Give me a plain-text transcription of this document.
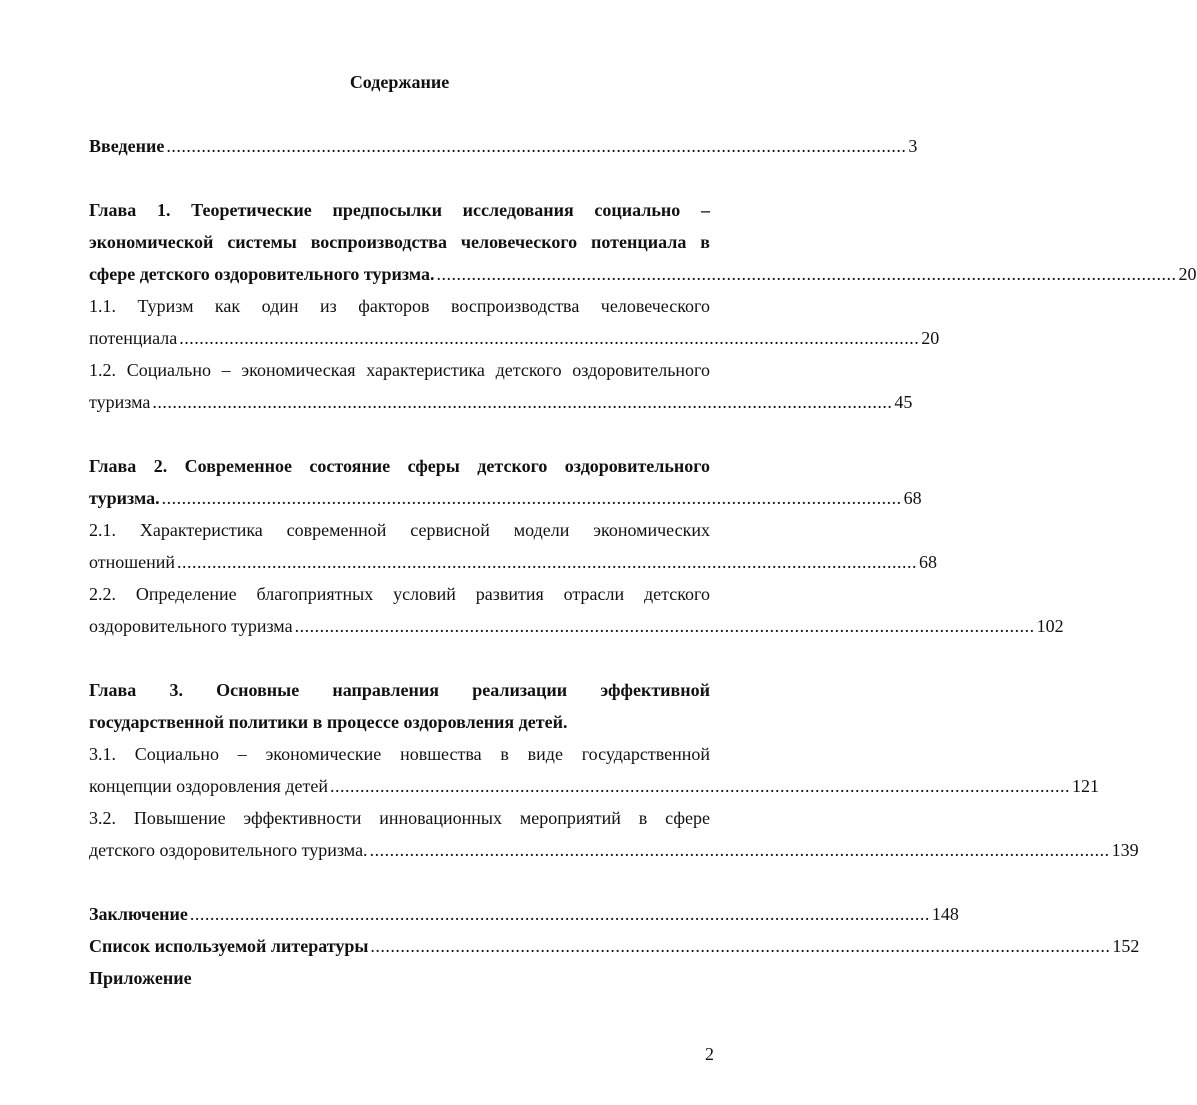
Содержание
Введение .................................................................................................................................................... 3
Глава 1. Теоретические предпосылки исследования социально –
экономической системы воспроизводства человеческого потенциала в
сфере детского оздоровительного туризма. .................................................................................................................................................... 20
1.1. Туризм как один из факторов воспроизводства человеческого
потенциала .................................................................................................................................................... 20
1.2. Социально – экономическая характеристика детского оздоровительного
туризма .................................................................................................................................................... 45
Глава 2. Современное состояние сферы детского оздоровительного
туризма. .................................................................................................................................................... 68
2.1. Характеристика современной сервисной модели экономических
отношений .................................................................................................................................................... 68
2.2. Определение благоприятных условий развития отрасли детского
оздоровительного туризма .................................................................................................................................................... 102
Глава 3. Основные направления реализации эффективной
государственной политики в процессе оздоровления детей.
3.1. Социально – экономические новшества в виде государственной
концепции оздоровления детей .................................................................................................................................................... 121
3.2. Повышение эффективности инновационных мероприятий в сфере
детского оздоровительного туризма. .................................................................................................................................................... 139
Заключение .................................................................................................................................................... 148
Список используемой литературы .................................................................................................................................................... 152
Приложение
2
